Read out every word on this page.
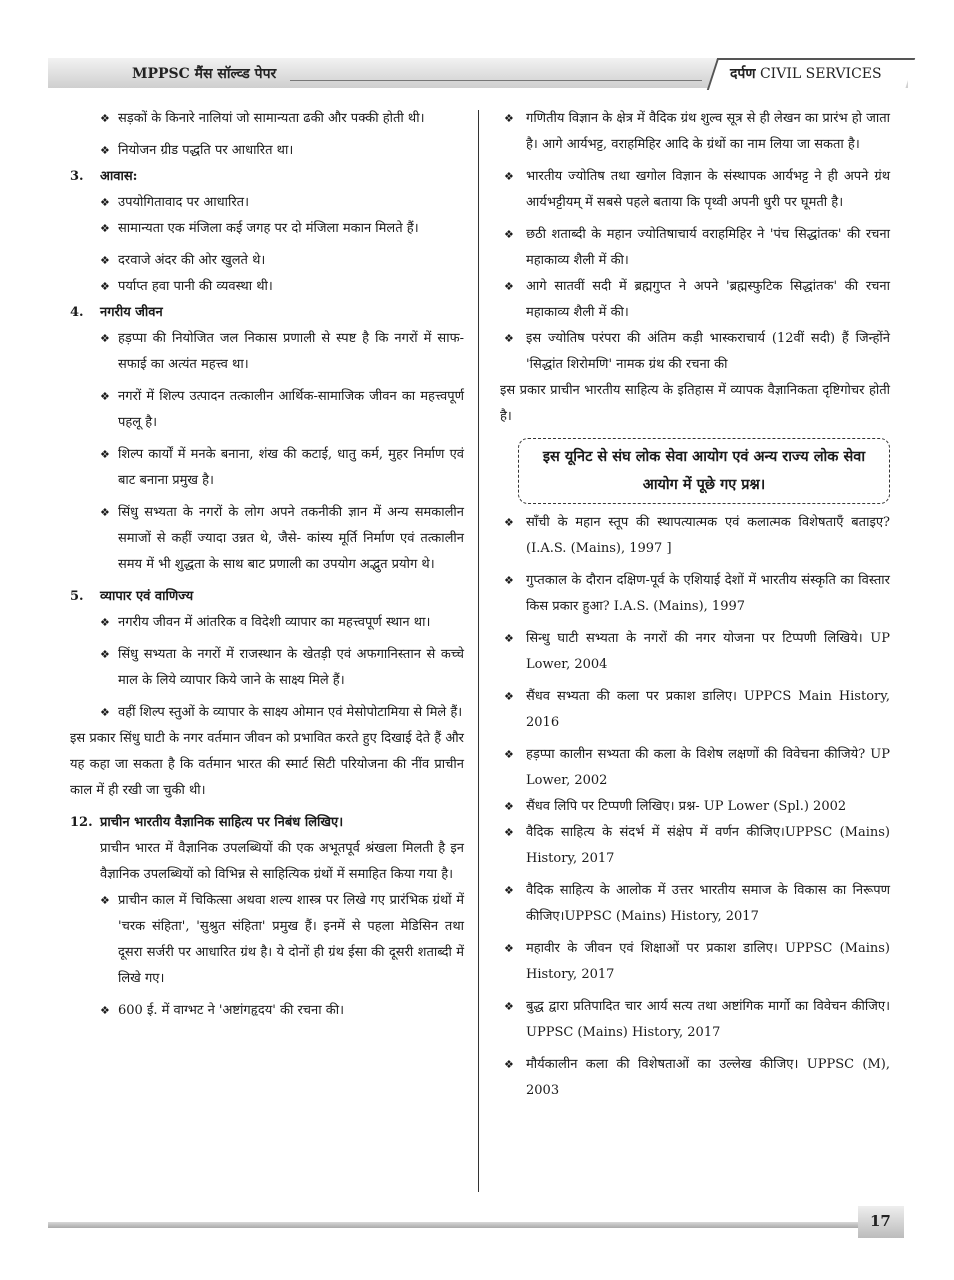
MPPSC मैंस सॉल्व्ड पेपर	दर्पण CIVIL SERVICES
❖ सड़कों के किनारे नालियां जो सामान्यता ढकी और पक्की होती थी।
❖ नियोजन ग्रीड पद्धति पर आधारित था।
3. आवास:
❖ उपयोगितावाद पर आधारित।
❖ सामान्यता एक मंजिला कई जगह पर दो मंजिला मकान मिलते हैं।
❖ दरवाजे अंदर की ओर खुलते थे।
❖ पर्याप्त हवा पानी की व्यवस्था थी।
4. नगरीय जीवन
❖ हड़प्पा की नियोजित जल निकास प्रणाली से स्पष्ट है कि नगरों में साफ-सफाई का अत्यंत महत्त्व था।
❖ नगरों में शिल्प उत्पादन तत्कालीन आर्थिक-सामाजिक जीवन का महत्त्वपूर्ण पहलू है।
❖ शिल्प कार्यों में मनके बनाना, शंख की कटाई, धातु कर्म, मुहर निर्माण एवं बाट बनाना प्रमुख है।
❖ सिंधु सभ्यता के नगरों के लोग अपने तकनीकी ज्ञान में अन्य समकालीन समाजों से कहीं ज्यादा उन्नत थे, जैसे- कांस्य मूर्ति निर्माण एवं तत्कालीन समय में भी शुद्धता के साथ बाट प्रणाली का उपयोग अद्भुत प्रयोग थे।
5. व्यापार एवं वाणिज्य
❖ नगरीय जीवन में आंतरिक व विदेशी व्यापार का महत्त्वपूर्ण स्थान था।
❖ सिंधु सभ्यता के नगरों में राजस्थान के खेतड़ी एवं अफगानिस्तान से कच्चे माल के लिये व्यापार किये जाने के साक्ष्य मिले हैं।
❖ वहीं शिल्प स्तुओं के व्यापार के साक्ष्य ओमान एवं मेसोपोटामिया से मिले हैं।
इस प्रकार सिंधु घाटी के नगर वर्तमान जीवन को प्रभावित करते हुए दिखाई देते हैं और यह कहा जा सकता है कि वर्तमान भारत की स्मार्ट सिटी परियोजना की नींव प्राचीन काल में ही रखी जा चुकी थी।
12. प्राचीन भारतीय वैज्ञानिक साहित्य पर निबंध लिखिए।
प्राचीन भारत में वैज्ञानिक उपलब्धियों की एक अभूतपूर्व श्रंखला मिलती है इन वैज्ञानिक उपलब्धियों को विभिन्न से साहित्यिक ग्रंथों में समाहित किया गया है।
❖ प्राचीन काल में चिकित्सा अथवा शल्य शास्त्र पर लिखे गए प्रारंभिक ग्रंथों में 'चरक संहिता', 'सुश्रुत संहिता' प्रमुख हैं। इनमें से पहला मेडिसिन तथा दूसरा सर्जरी पर आधारित ग्रंथ है। ये दोनों ही ग्रंथ ईसा की दूसरी शताब्दी में लिखे गए।
❖ 600 ई. में वाग्भट ने 'अष्टांगहृदय' की रचना की।
❖ गणितीय विज्ञान के क्षेत्र में वैदिक ग्रंथ शुल्व सूत्र से ही लेखन का प्रारंभ हो जाता है। आगे आर्यभट्ट, वराहमिहिर आदि के ग्रंथों का नाम लिया जा सकता है।
❖ भारतीय ज्योतिष तथा खगोल विज्ञान के संस्थापक आर्यभट्ट ने ही अपने ग्रंथ आर्यभट्टीयम् में सबसे पहले बताया कि पृथ्वी अपनी धुरी पर घूमती है।
❖ छठी शताब्दी के महान ज्योतिषाचार्य वराहमिहिर ने 'पंच सिद्धांतक' की रचना महाकाव्य शैली में की।
❖ आगे सातवीं सदी में ब्रह्मगुप्त ने अपने 'ब्रह्मस्फुटिक सिद्धांतक' की रचना महाकाव्य शैली में की।
❖ इस ज्योतिष परंपरा की अंतिम कड़ी भास्कराचार्य (12वीं सदी) हैं जिन्होंने 'सिद्धांत शिरोमणि' नामक ग्रंथ की रचना की
इस प्रकार प्राचीन भारतीय साहित्य के इतिहास में व्यापक वैज्ञानिकता दृष्टिगोचर होती है।
इस यूनिट से संघ लोक सेवा आयोग एवं अन्य राज्य लोक सेवा आयोग में पूछे गए प्रश्न।
❖ साँची के महान स्तूप की स्थापत्यात्मक एवं कलात्मक विशेषताएँ बताइए?(I.A.S. (Mains), 1997 ]
❖ गुप्तकाल के दौरान दक्षिण-पूर्व के एशियाई देशों में भारतीय संस्कृति का विस्तार किस प्रकार हुआ? I.A.S. (Mains), 1997
❖ सिन्धु घाटी सभ्यता के नगरों की नगर योजना पर टिप्पणी लिखिये। UP Lower, 2004
❖ सैंधव सभ्यता की कला पर प्रकाश डालिए। UPPCS Main History, 2016
❖ हड़प्पा कालीन सभ्यता की कला के विशेष लक्षणों की विवेचना कीजिये? UP Lower, 2002
❖ सैंधव लिपि पर टिप्पणी लिखिए। प्रश्न- UP Lower (Spl.) 2002
❖ वैदिक साहित्य के संदर्भ में संक्षेप में वर्णन कीजिए।UPPSC (Mains) History, 2017
❖ वैदिक साहित्य के आलोक में उत्तर भारतीय समाज के विकास का निरूपण कीजिए।UPPSC (Mains) History, 2017
❖ महावीर के जीवन एवं शिक्षाओं पर प्रकाश डालिए। UPPSC (Mains) History, 2017
❖ बुद्ध द्वारा प्रतिपादित चार आर्य सत्य तथा अष्टांगिक मार्गो का विवेचन कीजिए। UPPSC (Mains) History, 2017
❖ मौर्यकालीन कला की विशेषताओं का उल्लेख कीजिए। UPPSC (M), 2003
17
